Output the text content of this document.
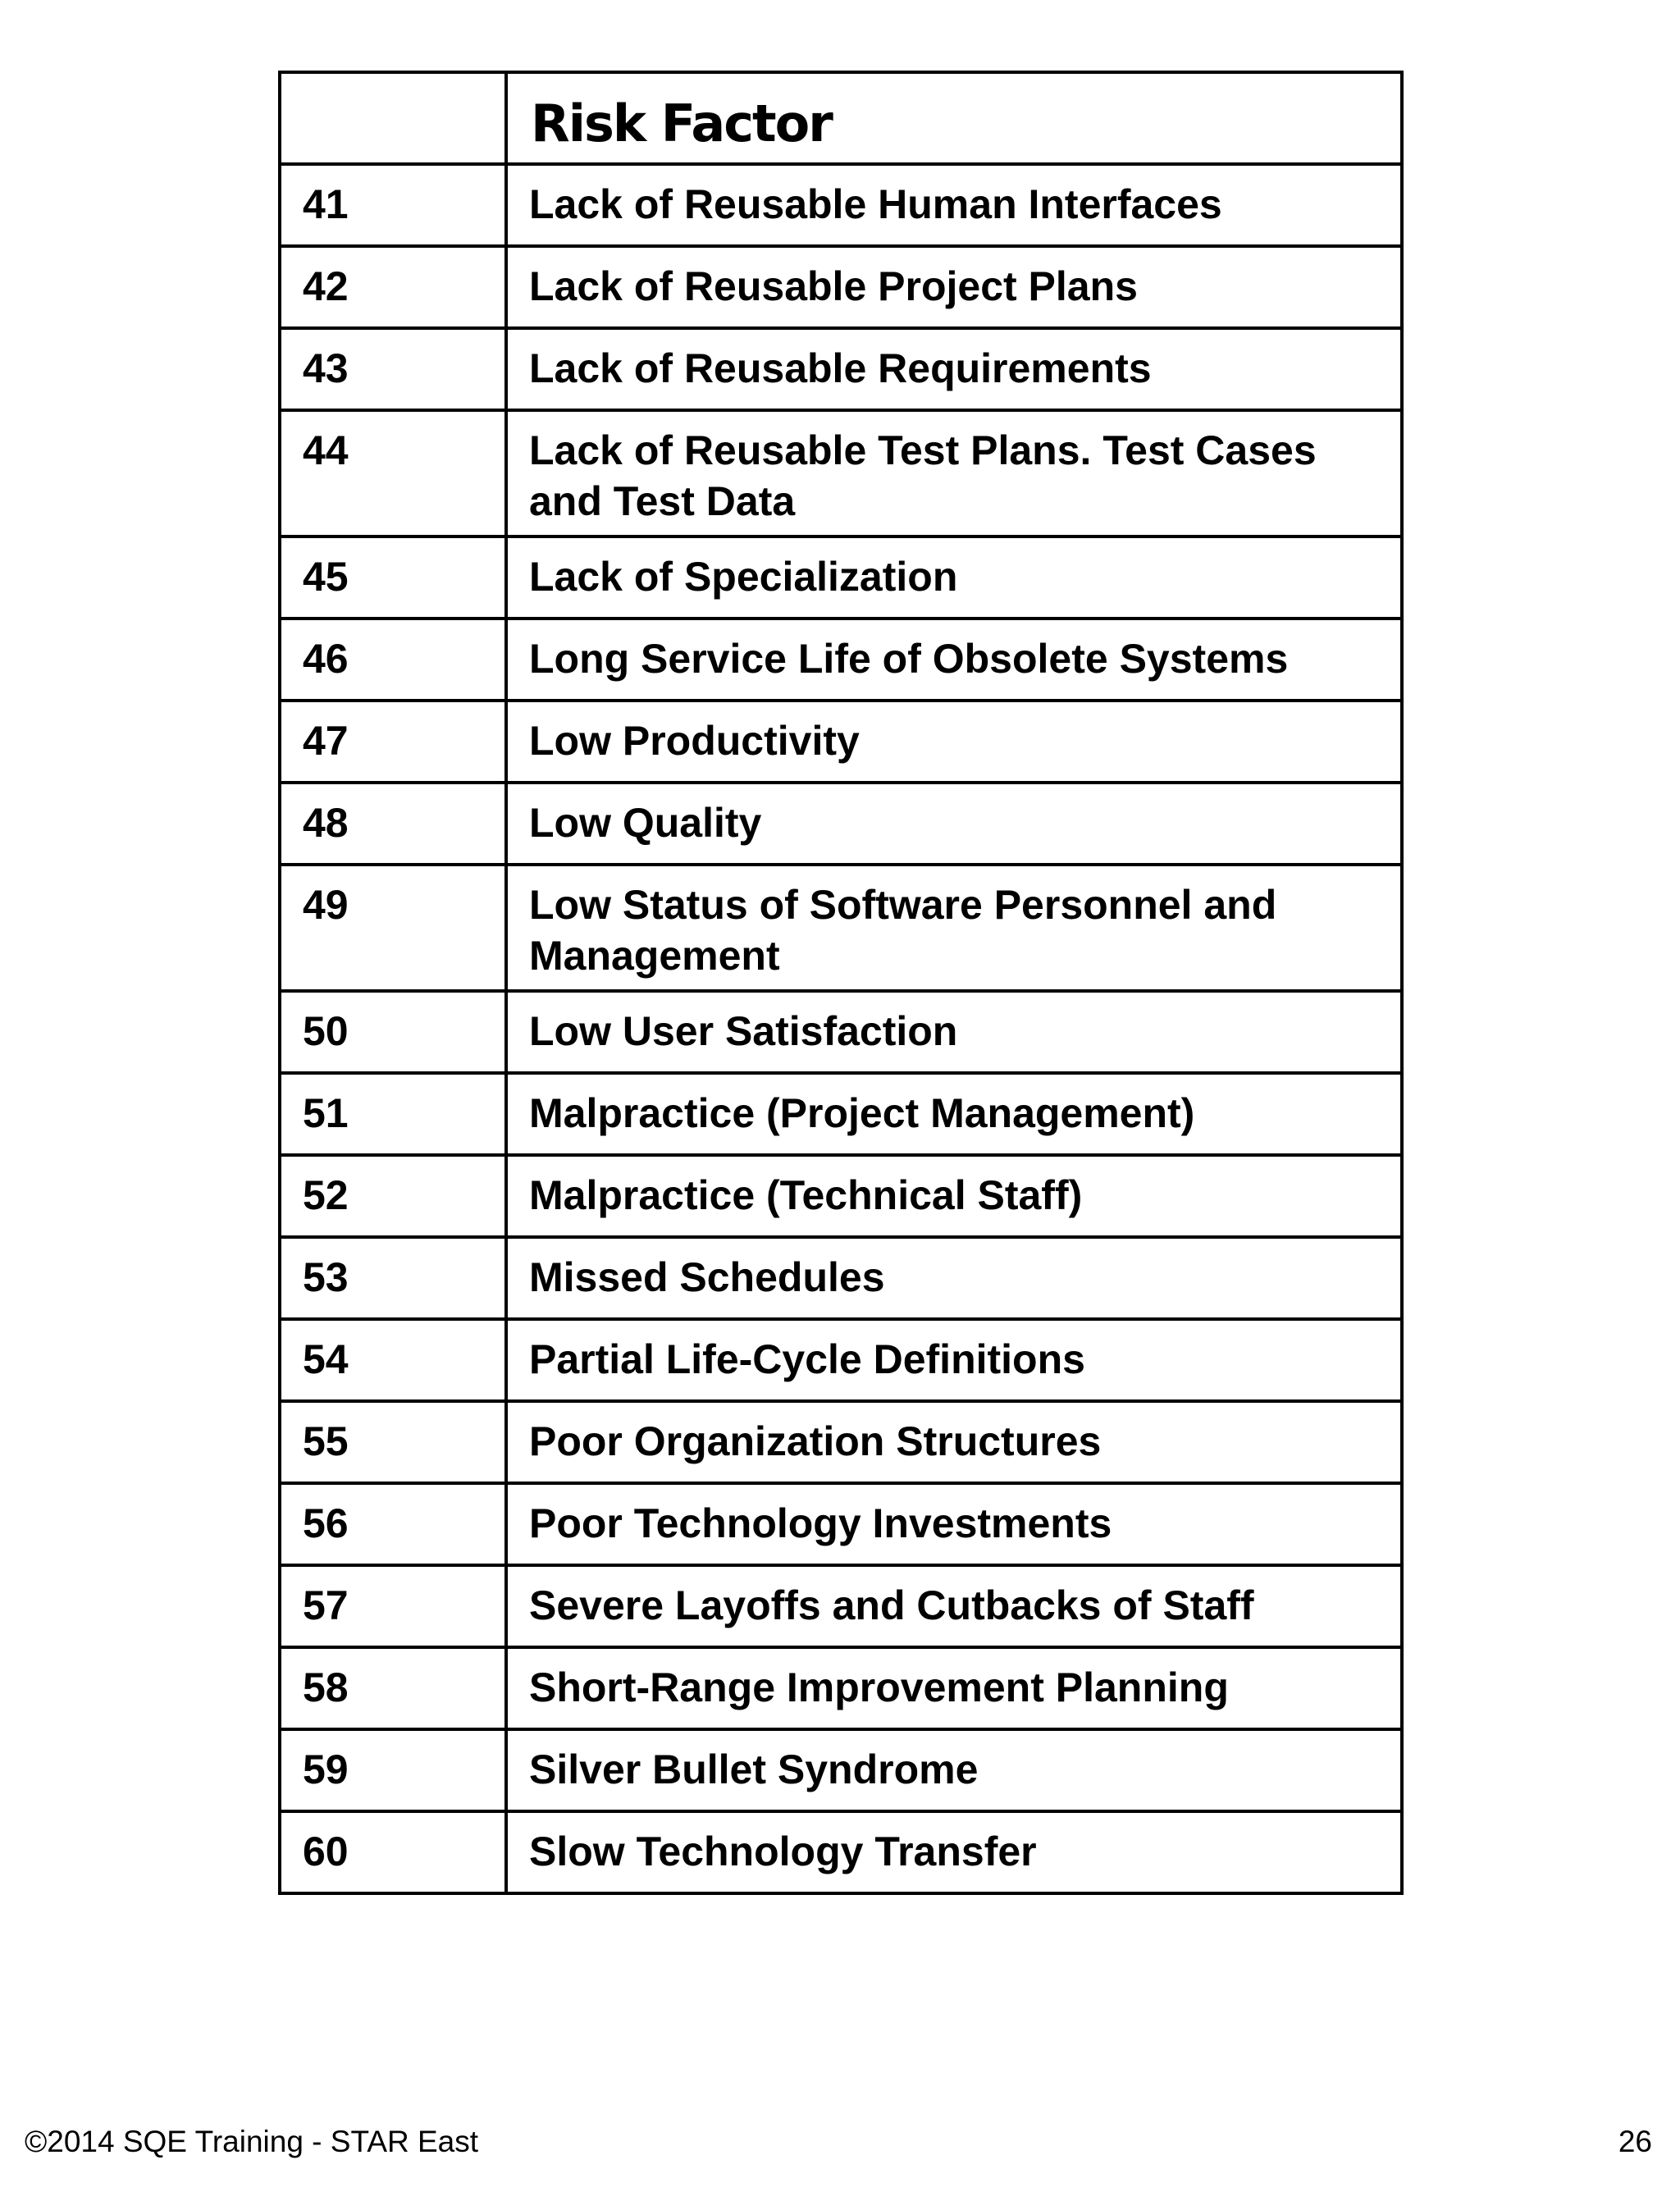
	Risk Factor
41	Lack of Reusable Human Interfaces
42	Lack of Reusable Project Plans
43	Lack of Reusable Requirements
44	Lack of Reusable Test Plans. Test Cases and Test Data
45	Lack of Specialization
46	Long Service Life of Obsolete Systems
47	Low Productivity
48	Low Quality
49	Low Status of Software Personnel and Management
50	Low User Satisfaction
51	Malpractice (Project Management)
52	Malpractice (Technical Staff)
53	Missed Schedules
54	Partial Life-Cycle Definitions
55	Poor Organization Structures
56	Poor Technology Investments
57	Severe Layoffs and Cutbacks of Staff
58	Short-Range Improvement Planning
59	Silver Bullet Syndrome
60	Slow Technology Transfer
©2014 SQE Training - STAR East	26
